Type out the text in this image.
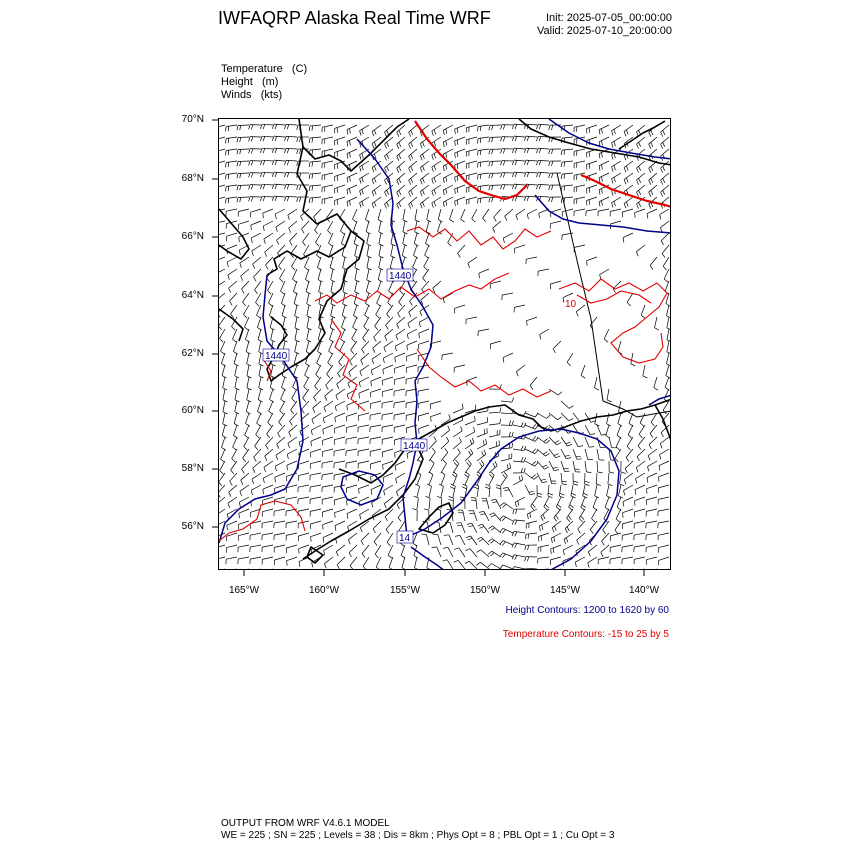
IWFAQRP Alaska Real Time WRF	Init: 2025-07-05_00:00:00
Valid: 2025-07-10_20:00:00
Temperature   (C)
Height   (m)
Winds   (kts)
70°N
68°N
66°N
64°N
62°N
60°N
58°N
56°N
165°W	160°W	155°W	150°W	145°W	140°W
1440
1440
1440
14
10
Height Contours: 1200 to 1620 by 60
Temperature Contours: -15 to 25 by 5
OUTPUT FROM WRF V4.6.1 MODEL
WE = 225 ; SN = 225 ; Levels = 38 ; Dis = 8km ; Phys Opt = 8 ; PBL Opt = 1 ; Cu Opt = 3
